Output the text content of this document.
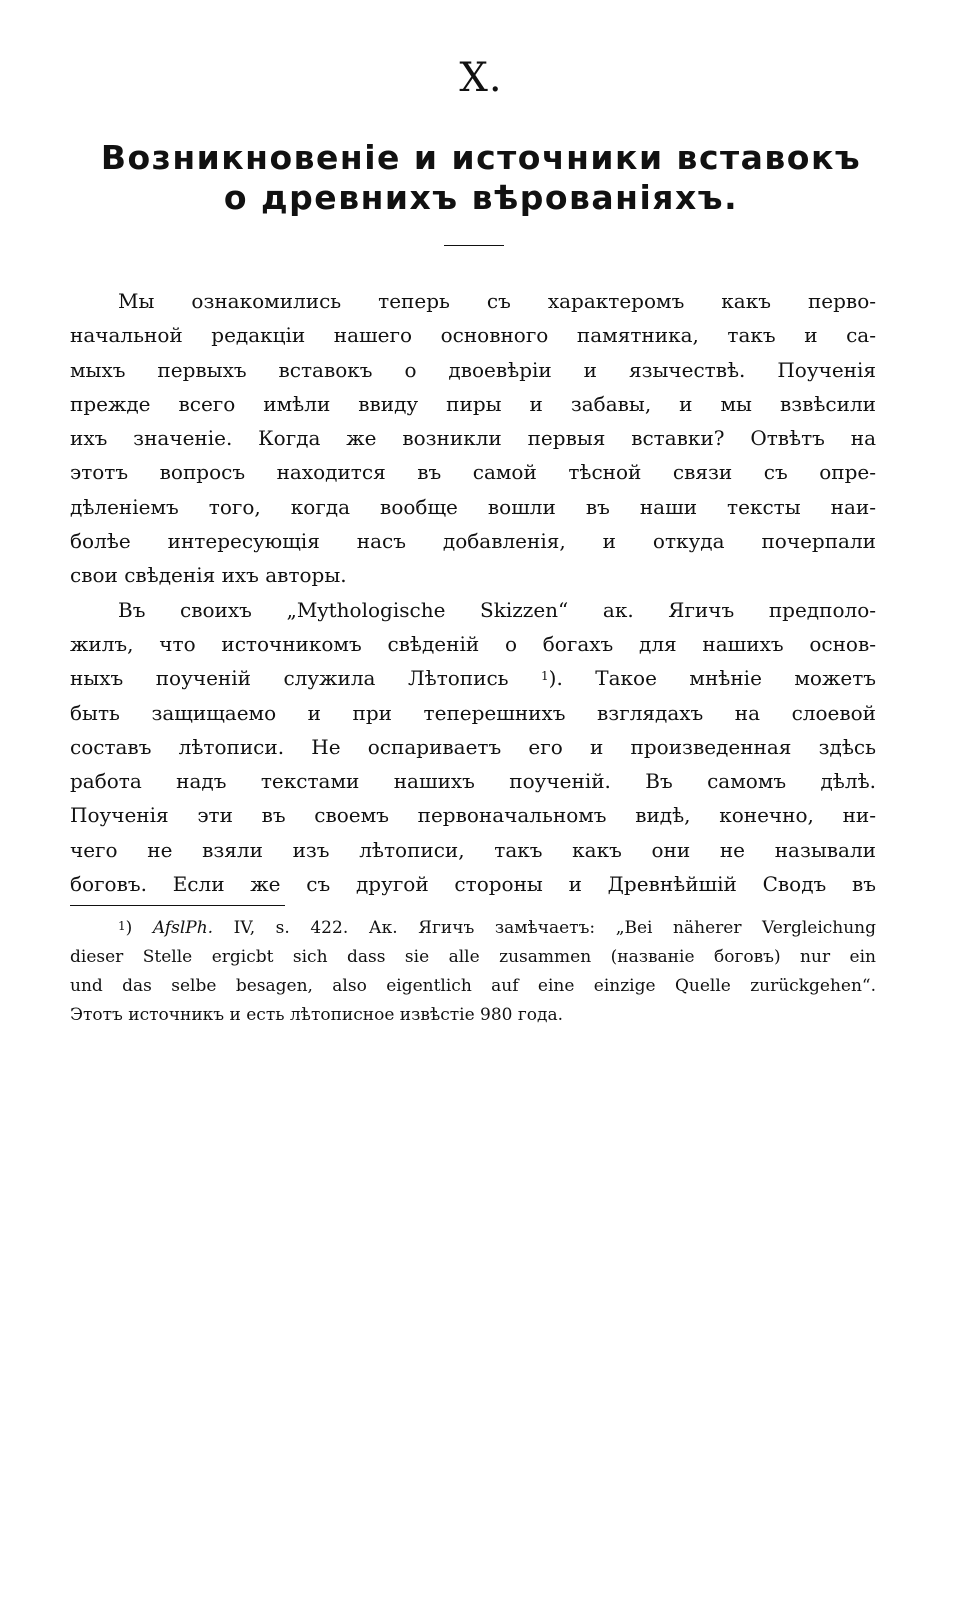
X.
Возникновеніе и источники вставокъ
о древнихъ вѣрованіяхъ.
Мы ознакомились теперь съ характеромъ какъ перво-
начальной редакціи нашего основного памятника, такъ и са-
мыхъ первыхъ вставокъ о двоевѣріи и язычествѣ. Поученія
прежде всего имѣли ввиду пиры и забавы, и мы взвѣсили
ихъ значеніе. Когда же возникли первыя вставки? Отвѣтъ на
этотъ вопросъ находится въ самой тѣсной связи съ опре-
дѣленіемъ того, когда вообще вошли въ наши тексты наи-
болѣе интересующія насъ добавленія, и откуда почерпали
свои свѣденія ихъ авторы.
Въ своихъ „Mythologische Skizzen“ ак. Ягичъ предполо-
жилъ, что источникомъ свѣденій о богахъ для нашихъ основ-
ныхъ поученій служила Лѣтопись $^1$). Такое мнѣніе можетъ
быть защищаемо и при теперешнихъ взглядахъ на слоевой
составъ лѣтописи. Не оспариваетъ его и произведенная здѣсь
работа надъ текстами нашихъ поученій. Въ самомъ дѣлѣ.
Поученія эти въ своемъ первоначальномъ видѣ, конечно, ни-
чего не взяли изъ лѣтописи, такъ какъ они не называли
боговъ. Если же съ другой стороны и Древнѣйшій Сводъ въ
$^1$) AfslPh. IV, s. 422. Ак. Ягичъ замѣчаетъ: „Bei näherer Vergleichung
dieser Stelle ergicbt sich dass sie alle zusammen (названіе боговъ) nur ein
und das selbe besagen, also eigentlich auf eine einzige Quelle zurückgehen“.
Этотъ источникъ и есть лѣтописное извѣстіе 980 года.
